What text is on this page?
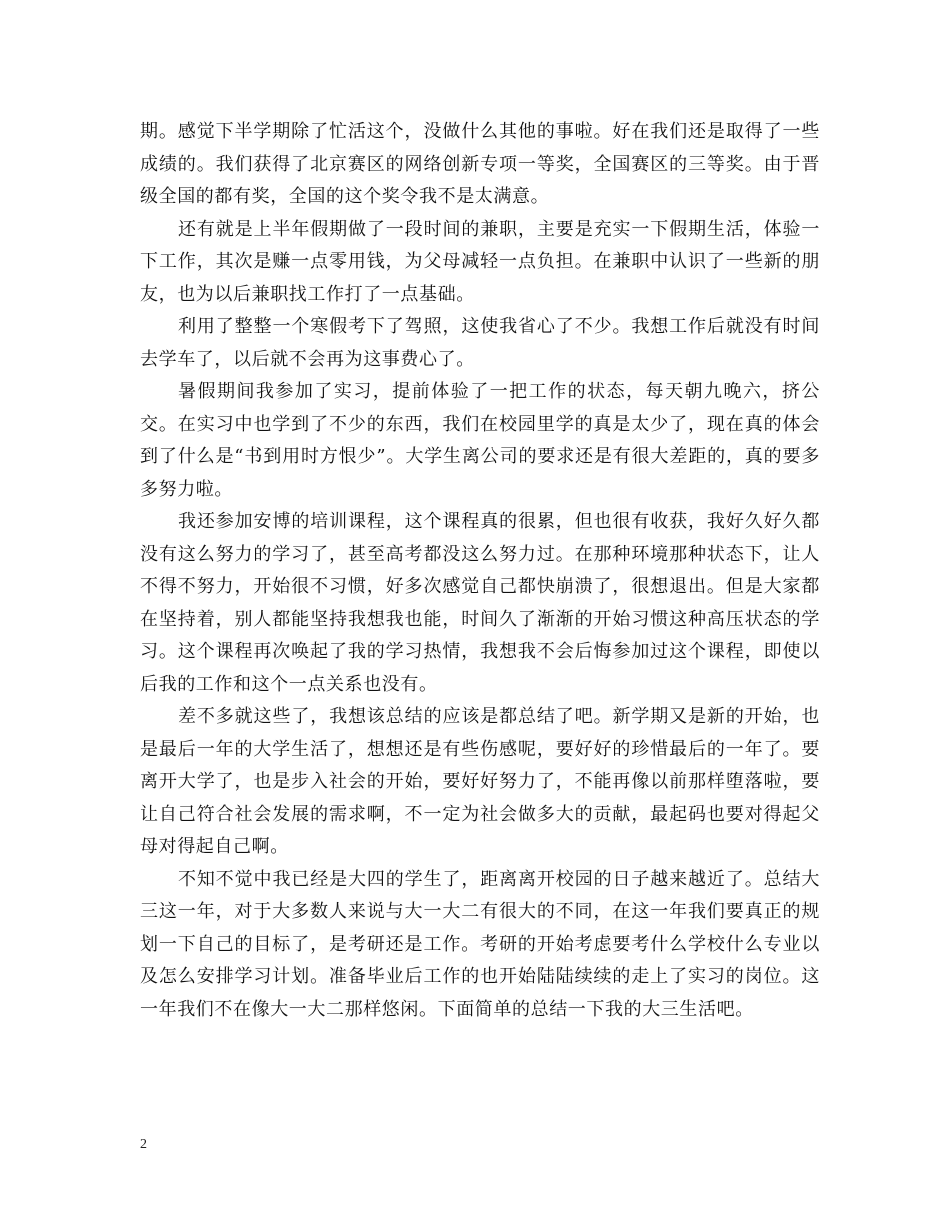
期。感觉下半学期除了忙活这个，没做什么其他的事啦。好在我们还是取得了一些成绩的。我们获得了北京赛区的网络创新专项一等奖，全国赛区的三等奖。由于晋级全国的都有奖，全国的这个奖令我不是太满意。

还有就是上半年假期做了一段时间的兼职，主要是充实一下假期生活，体验一下工作，其次是赚一点零用钱，为父母减轻一点负担。在兼职中认识了一些新的朋友，也为以后兼职找工作打了一点基础。

利用了整整一个寒假考下了驾照，这使我省心了不少。我想工作后就没有时间去学车了，以后就不会再为这事费心了。

暑假期间我参加了实习，提前体验了一把工作的状态，每天朝九晚六，挤公交。在实习中也学到了不少的东西，我们在校园里学的真是太少了，现在真的体会到了什么是“书到用时方恨少”。大学生离公司的要求还是有很大差距的，真的要多多努力啦。

我还参加安博的培训课程，这个课程真的很累，但也很有收获，我好久好久都没有这么努力的学习了，甚至高考都没这么努力过。在那种环境那种状态下，让人不得不努力，开始很不习惯，好多次感觉自己都快崩溃了，很想退出。但是大家都在坚持着，别人都能坚持我想我也能，时间久了渐渐的开始习惯这种高压状态的学习。这个课程再次唤起了我的学习热情，我想我不会后悔参加过这个课程，即使以后我的工作和这个一点关系也没有。

差不多就这些了，我想该总结的应该是都总结了吧。新学期又是新的开始，也是最后一年的大学生活了，想想还是有些伤感呢，要好好的珍惜最后的一年了。要离开大学了，也是步入社会的开始，要好好努力了，不能再像以前那样堕落啦，要让自己符合社会发展的需求啊，不一定为社会做多大的贡献，最起码也要对得起父母对得起自己啊。

不知不觉中我已经是大四的学生了，距离离开校园的日子越来越近了。总结大三这一年，对于大多数人来说与大一大二有很大的不同，在这一年我们要真正的规划一下自己的目标了，是考研还是工作。考研的开始考虑要考什么学校什么专业以及怎么安排学习计划。准备毕业后工作的也开始陆陆续续的走上了实习的岗位。这一年我们不在像大一大二那样悠闲。下面简单的总结一下我的大三生活吧。

2
